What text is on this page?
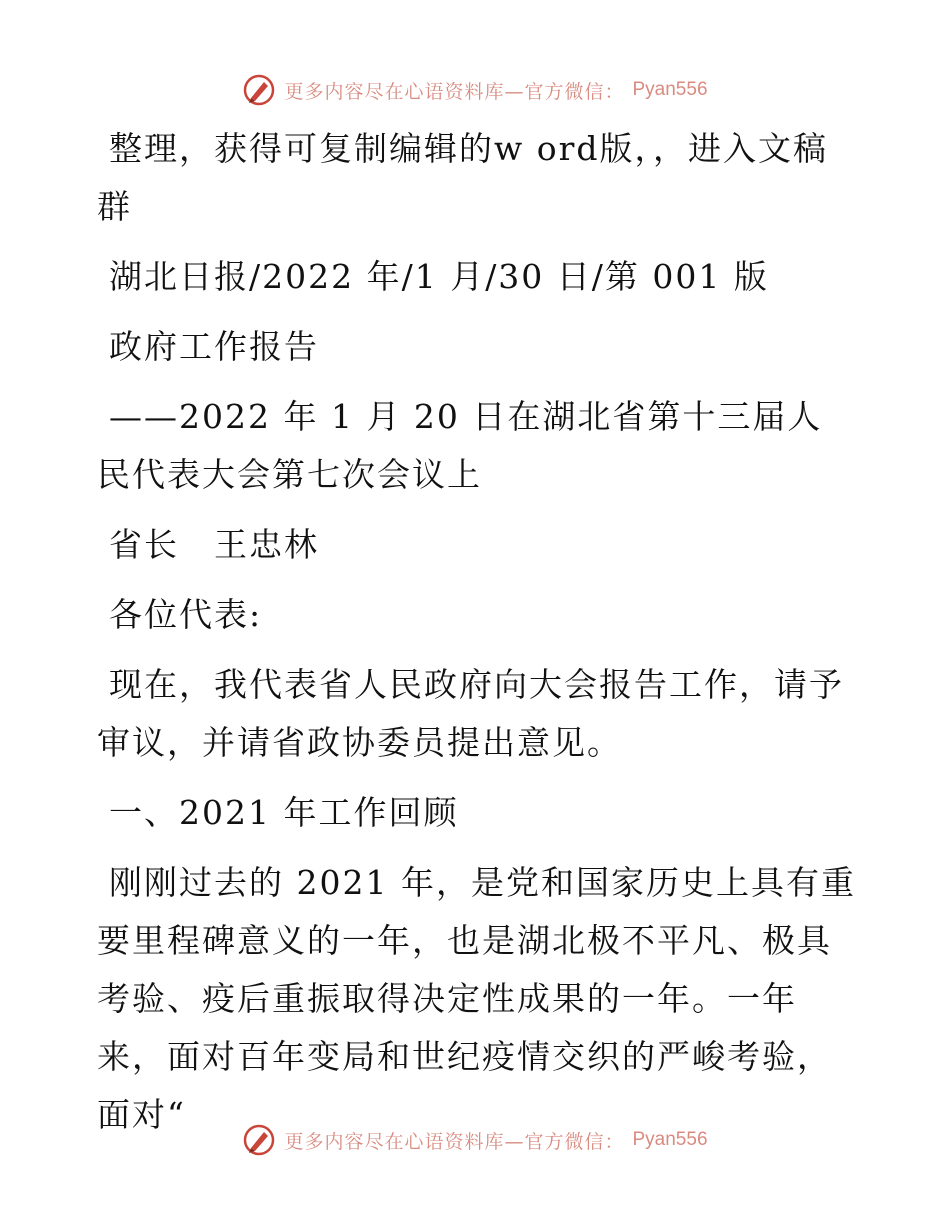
更多内容尽在心语资料库—官方微信： Pyan556

整理，获得可复制编辑的w ord版，，进入文稿群

湖北日报/2022 年/1 月/30 日/第 001 版

政府工作报告

——2022 年 1 月 20 日在湖北省第十三届人民代表大会第七次会议上

省长　王忠林

各位代表:

现在，我代表省人民政府向大会报告工作，请予审议，并请省政协委员提出意见。

一、2021 年工作回顾

刚刚过去的 2021 年，是党和国家历史上具有重要里程碑意义的一年，也是湖北极不平凡、极具考验、疫后重振取得决定性成果的一年。一年来，面对百年变局和世纪疫情交织的严峻考验，面对“

更多内容尽在心语资料库—官方微信： Pyan556
